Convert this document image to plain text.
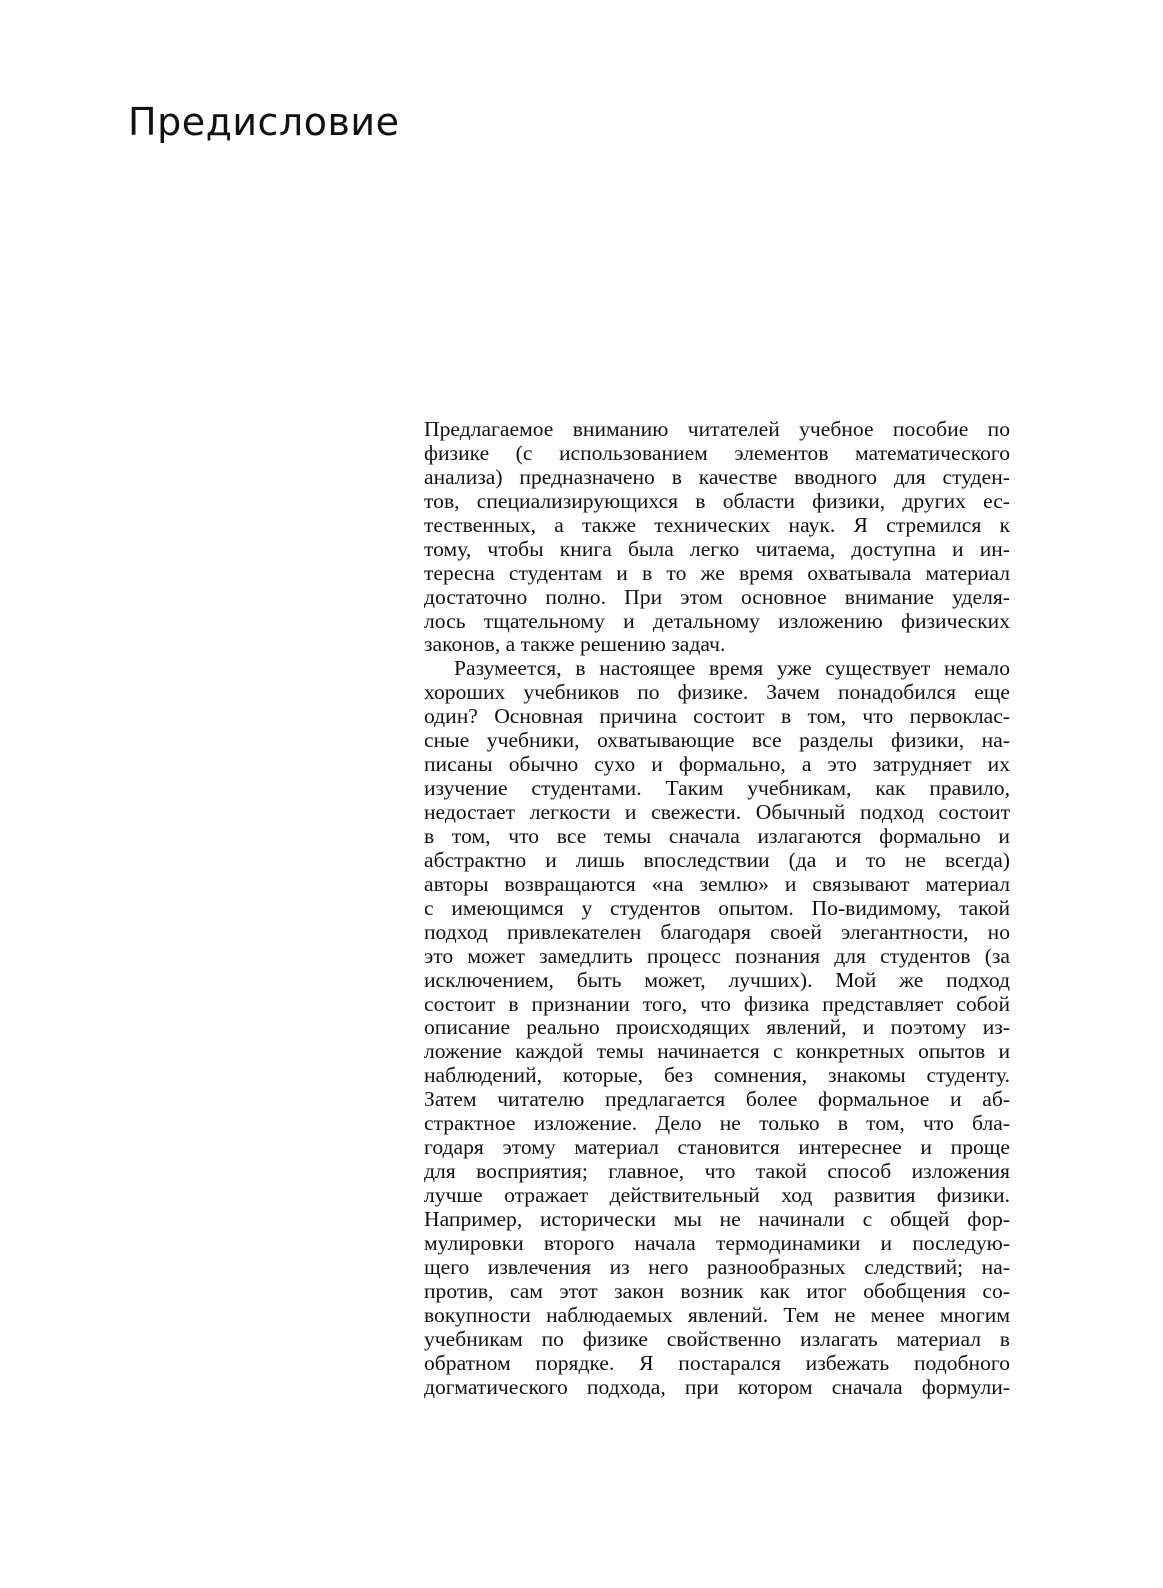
Предисловие
Предлагаемое вниманию читателей учебное пособие по
физике (с использованием элементов математического
анализа) предназначено в качестве вводного для студен-
тов, специализирующихся в области физики, других ес-
тественных, а также технических наук. Я стремился к
тому, чтобы книга была легко читаема, доступна и ин-
тересна студентам и в то же время охватывала материал
достаточно полно. При этом основное внимание уделя-
лось тщательному и детальному изложению физических
законов, а также решению задач.
Разумеется, в настоящее время уже существует немало
хороших учебников по физике. Зачем понадобился еще
один? Основная причина состоит в том, что первоклас-
сные учебники, охватывающие все разделы физики, на-
писаны обычно сухо и формально, а это затрудняет их
изучение студентами. Таким учебникам, как правило,
недостает легкости и свежести. Обычный подход состоит
в том, что все темы сначала излагаются формально и
абстрактно и лишь впоследствии (да и то не всегда)
авторы возвращаются «на землю» и связывают материал
с имеющимся у студентов опытом. По-видимому, такой
подход привлекателен благодаря своей элегантности, но
это может замедлить процесс познания для студентов (за
исключением, быть может, лучших). Мой же подход
состоит в признании того, что физика представляет собой
описание реально происходящих явлений, и поэтому из-
ложение каждой темы начинается с конкретных опытов и
наблюдений, которые, без сомнения, знакомы студенту.
Затем читателю предлагается более формальное и аб-
страктное изложение. Дело не только в том, что бла-
годаря этому материал становится интереснее и проще
для восприятия; главное, что такой способ изложения
лучше отражает действительный ход развития физики.
Например, исторически мы не начинали с общей фор-
мулировки второго начала термодинамики и последую-
щего извлечения из него разнообразных следствий; на-
против, сам этот закон возник как итог обобщения со-
вокупности наблюдаемых явлений. Тем не менее многим
учебникам по физике свойственно излагать материал в
обратном порядке. Я постарался избежать подобного
догматического подхода, при котором сначала формули-
